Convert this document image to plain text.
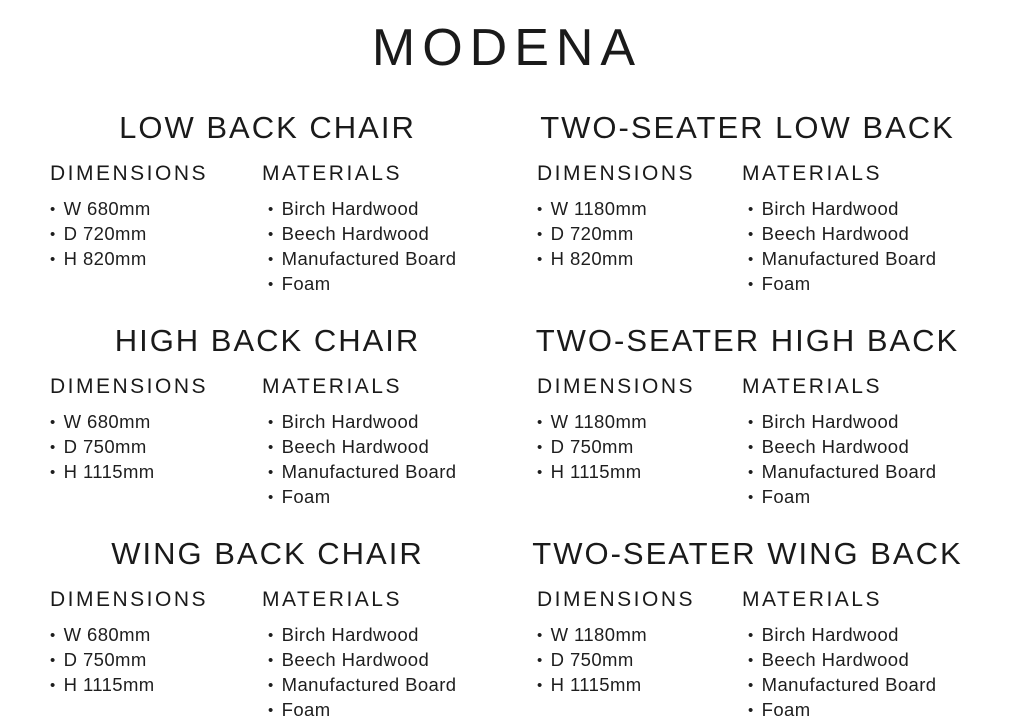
MODENA
LOW BACK CHAIR
DIMENSIONS
• W 680mm
• D 720mm
• H 820mm
MATERIALS
• Birch Hardwood
• Beech Hardwood
• Manufactured Board
• Foam
TWO-SEATER LOW BACK
DIMENSIONS
• W 1180mm
• D 720mm
• H 820mm
MATERIALS
• Birch Hardwood
• Beech Hardwood
• Manufactured Board
• Foam
HIGH BACK CHAIR
DIMENSIONS
• W 680mm
• D 750mm
• H 1115mm
MATERIALS
• Birch Hardwood
• Beech Hardwood
• Manufactured Board
• Foam
TWO-SEATER HIGH BACK
DIMENSIONS
• W 1180mm
• D 750mm
• H 1115mm
MATERIALS
• Birch Hardwood
• Beech Hardwood
• Manufactured Board
• Foam
WING BACK CHAIR
DIMENSIONS
• W 680mm
• D 750mm
• H 1115mm
MATERIALS
• Birch Hardwood
• Beech Hardwood
• Manufactured Board
• Foam
TWO-SEATER WING BACK
DIMENSIONS
• W 1180mm
• D 750mm
• H 1115mm
MATERIALS
• Birch Hardwood
• Beech Hardwood
• Manufactured Board
• Foam
